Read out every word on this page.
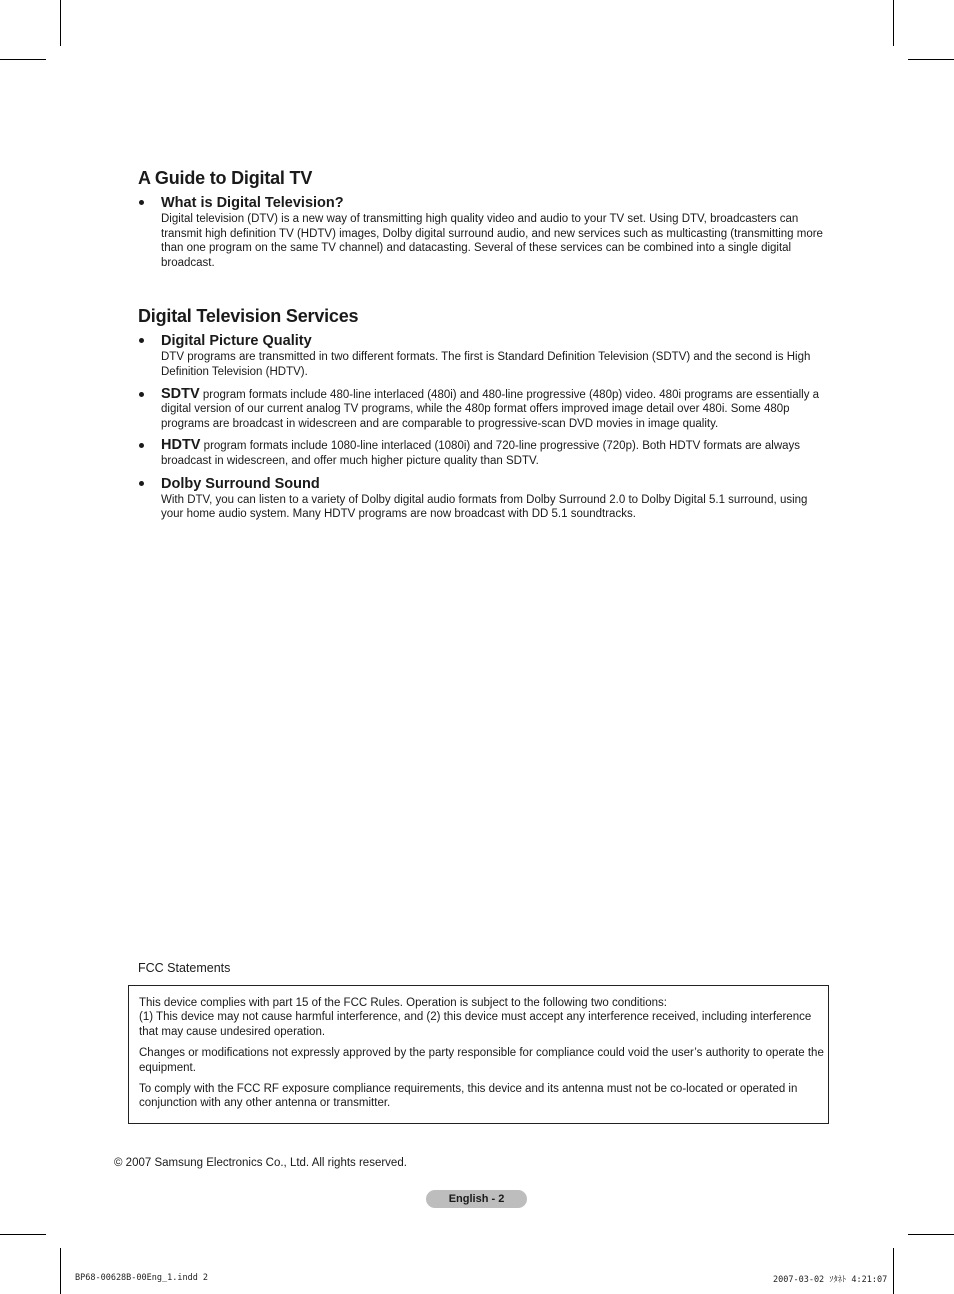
A Guide to Digital TV
What is Digital Television?
Digital television (DTV) is a new way of transmitting high quality video and audio to your TV set. Using DTV, broadcasters can transmit high definition TV (HDTV) images, Dolby digital surround audio, and new services such as multicasting (transmitting more than one program on the same TV channel) and datacasting. Several of these services can be combined into a single digital broadcast.
Digital Television Services
Digital Picture Quality
DTV programs are transmitted in two different formats. The first is Standard Definition Television (SDTV) and the second is High Definition Television (HDTV).
SDTV program formats include 480-line interlaced (480i) and 480-line progressive (480p) video. 480i programs are essentially a digital version of our current analog TV programs, while the 480p format offers improved image detail over 480i. Some 480p programs are broadcast in widescreen and are comparable to progressive-scan DVD movies in image quality.
HDTV program formats include 1080-line interlaced (1080i) and 720-line progressive (720p). Both HDTV formats are always broadcast in widescreen, and offer much higher picture quality than SDTV.
Dolby Surround Sound
With DTV, you can listen to a variety of Dolby digital audio formats from Dolby Surround 2.0 to Dolby Digital 5.1 surround, using your home audio system. Many HDTV programs are now broadcast with DD 5.1 soundtracks.
FCC Statements

This device complies with part 15 of the FCC Rules. Operation is subject to the following two conditions:
(1) This device may not cause harmful interference, and (2) this device must accept any interference received, including interference that may cause undesired operation.

Changes or modifications not expressly approved by the party responsible for compliance could void the user’s authority to operate the equipment.

To comply with the FCC RF exposure compliance requirements, this device and its antenna must not be co-located or operated in conjunction with any other antenna or transmitter.

© 2007 Samsung Electronics Co., Ltd. All rights reserved.
English - 2
BP68-00628B-00Eng_1.indd 2	2007-03-02 ｿﾀﾈﾄ 4:21:07
